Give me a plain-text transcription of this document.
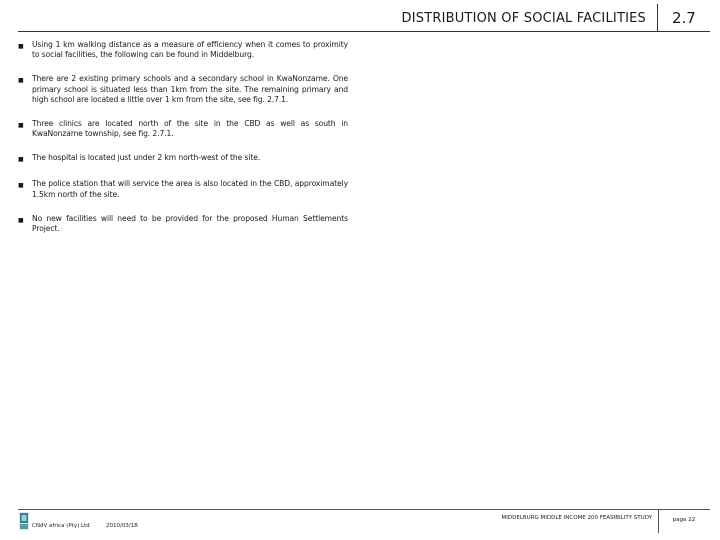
DISTRIBUTION OF SOCIAL FACILITIES 2.7
■	Using 1 km walking distance as a measure of efficiency when it comes to proximity to social facilities, the following can be found in Middelburg.
■	There are 2 existing primary schools and a secondary school in KwaNonzame. One primary school is situated less than 1km from the site. The remaining primary and high school are located a little over 1 km from the site, see fig. 2.7.1.
■	Three clinics are located north of the site in the CBD as well as south in KwaNonzame township, see fig. 2.7.1.
■	The hospital is located just under 2 km north-west of the site.
■	The police station that will service the area is also located in the CBD, approximately 1.5km north of the site.
■	No new facilities will need to be provided for the proposed Human Settlements Project.
CNdV africa (Pty) Ltd	2010/03/18
MIDDELBURG MIDDLE INCOME 200 FEASIBILITY STUDY	page 22
